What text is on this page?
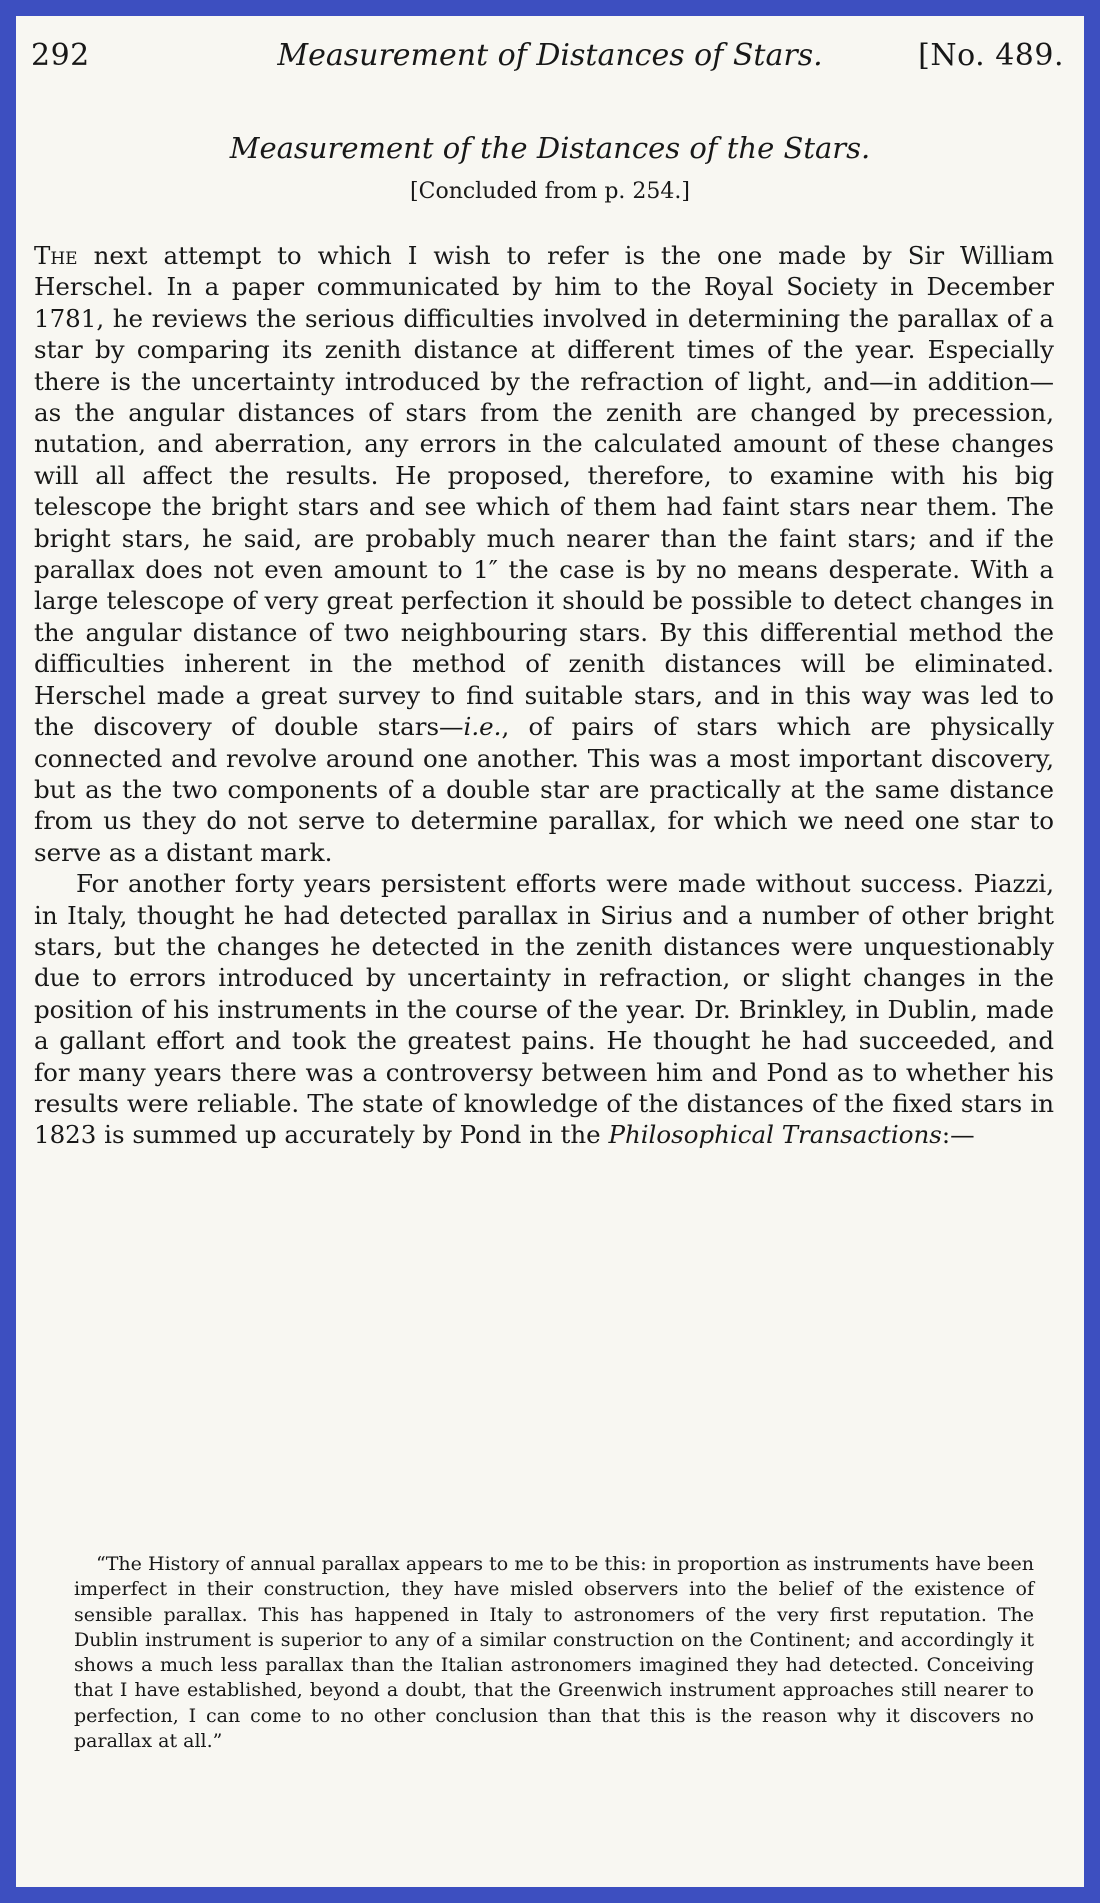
292	Measurement of Distances of Stars.	[No. 489.
Measurement of the Distances of the Stars.
[Concluded from p. 254.]

The next attempt to which I wish to refer is the one made by Sir William Herschel. In a paper communicated by him to the Royal Society in December 1781, he reviews the serious difficulties involved in determining the parallax of a star by comparing its zenith distance at different times of the year. Especially there is the uncertainty introduced by the refraction of light, and—in addition—as the angular distances of stars from the zenith are changed by precession, nutation, and aberration, any errors in the calculated amount of these changes will all affect the results. He proposed, therefore, to examine with his big telescope the bright stars and see which of them had faint stars near them. The bright stars, he said, are probably much nearer than the faint stars; and if the parallax does not even amount to 1″ the case is by no means desperate. With a large telescope of very great perfection it should be possible to detect changes in the angular distance of two neighbouring stars. By this differential method the difficulties inherent in the method of zenith distances will be eliminated. Herschel made a great survey to find suitable stars, and in this way was led to the discovery of double stars—i.e., of pairs of stars which are physically connected and revolve around one another. This was a most important discovery, but as the two components of a double star are practically at the same distance from us they do not serve to determine parallax, for which we need one star to serve as a distant mark.

For another forty years persistent efforts were made without success. Piazzi, in Italy, thought he had detected parallax in Sirius and a number of other bright stars, but the changes he detected in the zenith distances were unquestionably due to errors introduced by uncertainty in refraction, or slight changes in the position of his instruments in the course of the year. Dr. Brinkley, in Dublin, made a gallant effort and took the greatest pains. He thought he had succeeded, and for many years there was a controversy between him and Pond as to whether his results were reliable. The state of knowledge of the distances of the fixed stars in 1823 is summed up accurately by Pond in the Philosophical Transactions:—

“The History of annual parallax appears to me to be this: in proportion as instruments have been imperfect in their construction, they have misled observers into the belief of the existence of sensible parallax. This has happened in Italy to astronomers of the very first reputation. The Dublin instrument is superior to any of a similar construction on the Continent; and accordingly it shows a much less parallax than the Italian astronomers imagined they had detected. Conceiving that I have established, beyond a doubt, that the Greenwich instrument approaches still nearer to perfection, I can come to no other conclusion than that this is the reason why it discovers no parallax at all.”
